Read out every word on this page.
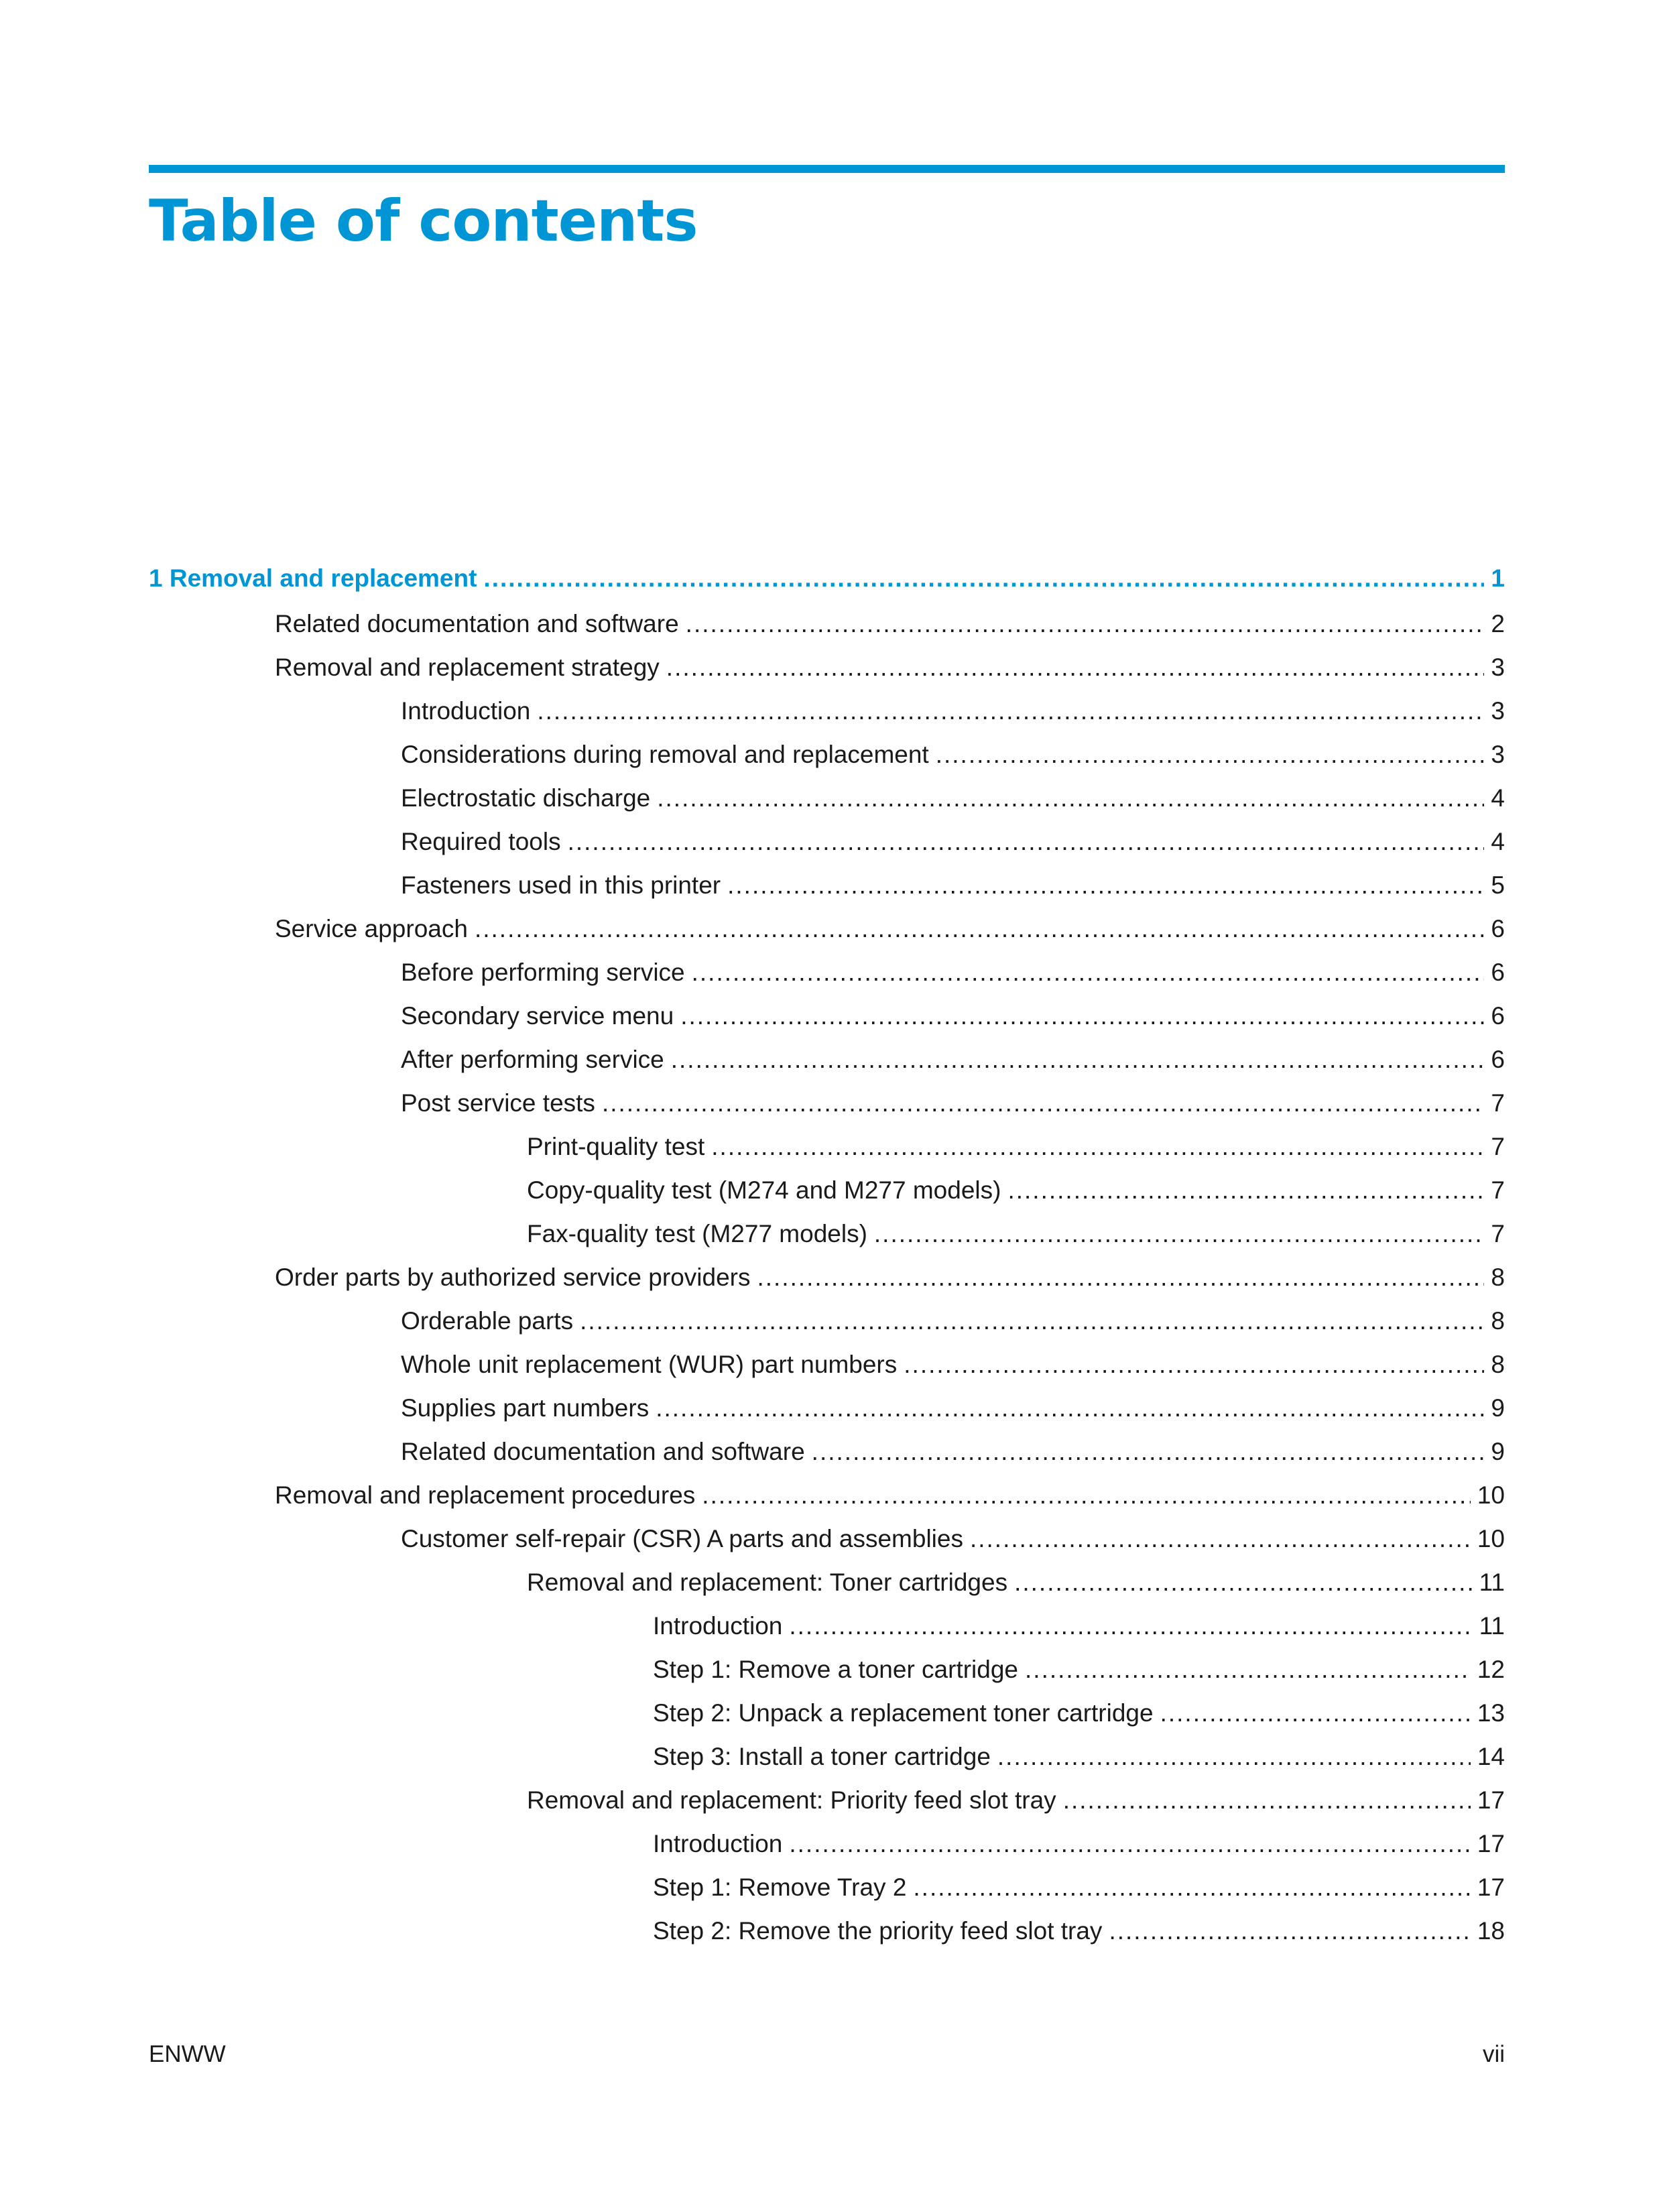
Table of contents
1 Removal and replacement .....	1
Related documentation and software .....	2
Removal and replacement strategy .....	3
Introduction .....	3
Considerations during removal and replacement .....	3
Electrostatic discharge .....	4
Required tools .....	4
Fasteners used in this printer .....	5
Service approach .....	6
Before performing service .....	6
Secondary service menu .....	6
After performing service .....	6
Post service tests .....	7
Print-quality test .....	7
Copy-quality test (M274 and M277 models) .....	7
Fax-quality test (M277 models) .....	7
Order parts by authorized service providers .....	8
Orderable parts .....	8
Whole unit replacement (WUR) part numbers .....	8
Supplies part numbers .....	9
Related documentation and software .....	9
Removal and replacement procedures .....	10
Customer self-repair (CSR) A parts and assemblies .....	10
Removal and replacement: Toner cartridges .....	11
Introduction .....	11
Step 1: Remove a toner cartridge .....	12
Step 2: Unpack a replacement toner cartridge .....	13
Step 3: Install a toner cartridge .....	14
Removal and replacement: Priority feed slot tray .....	17
Introduction .....	17
Step 1: Remove Tray 2 .....	17
Step 2: Remove the priority feed slot tray .....	18
ENWW	vii
